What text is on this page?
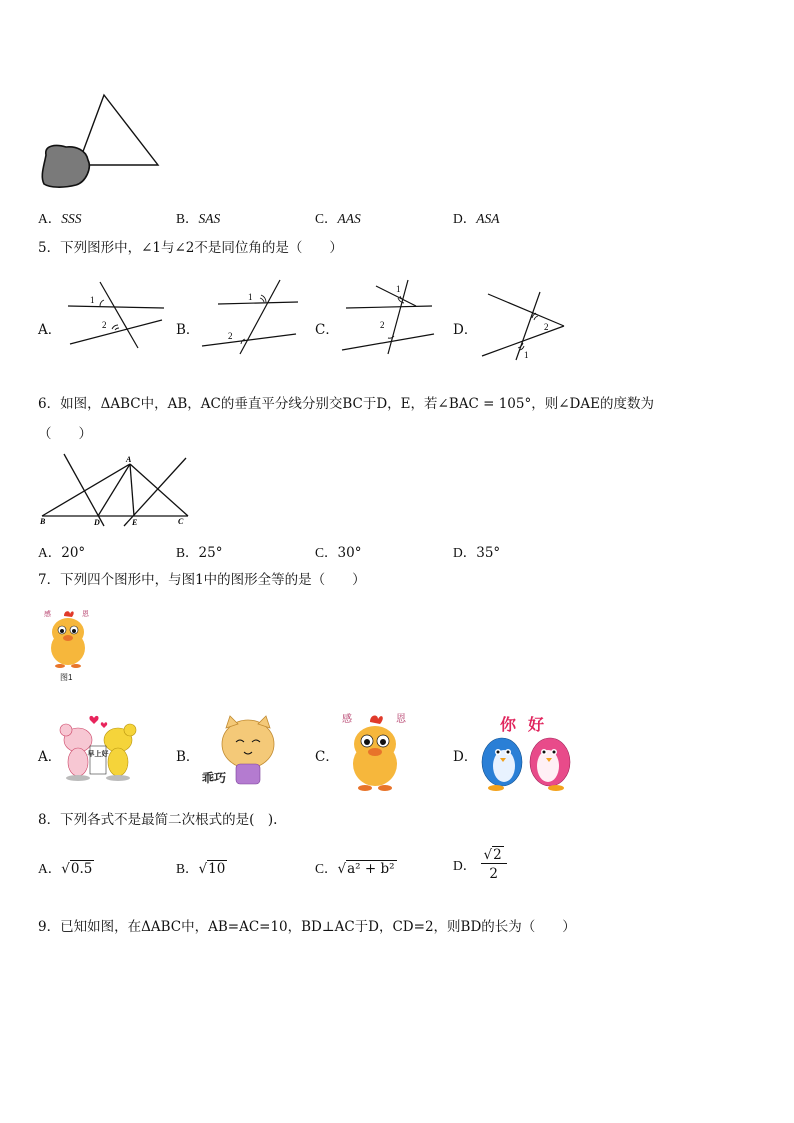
A．SSS	B．SAS	C．AAS	D．ASA
5．下列图形中，∠1与∠2不是同位角的是（　　）
A．
1
2	B．
1
2	C．
1
2	D．	2
1
6．如图，ΔABC中，AB，AC的垂直平分线分别交BC于D，E，若∠BAC = 105°，则∠DAE的度数为
（　　）
A
B	D	E	C
A．20°	B．25°	C．30°	D．35°
7．下列四个图形中，与图1中的图形全等的是（　　）
感	恩
图1
A．	早上好	B．
乖巧
C．
感	恩
D．
你 好
8．下列各式不是最简二次根式的是(　).
A．√0.5	B．√10	C．√a² + b²	D． $\frac{√2}{2}$
9．已知如图，在ΔABC中，AB=AC=10，BD⊥AC于D，CD=2，则BD的长为（　　）
